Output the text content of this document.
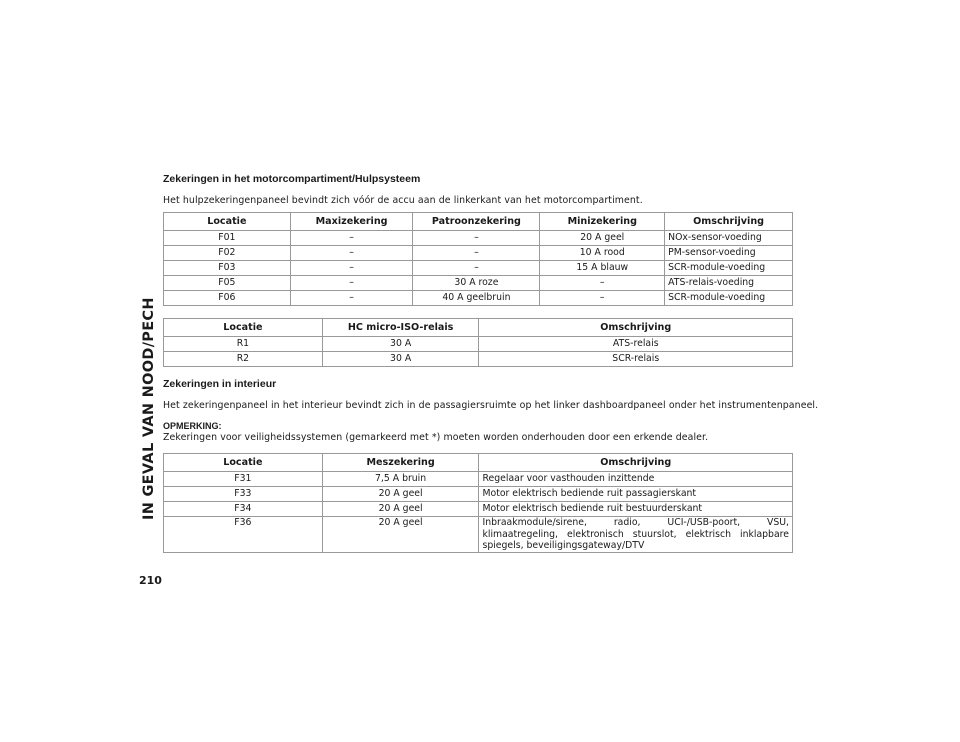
IN GEVAL VAN NOOD/PECH
210
Zekeringen in het motorcompartiment/Hulpsysteem
Het hulpzekeringenpaneel bevindt zich vóór de accu aan de linkerkant van het motorcompartiment.
Locatie	Maxizekering	Patroonzekering	Minizekering	Omschrijving
F01	–	–	20 A geel	NOx-sensor-voeding
F02	–	–	10 A rood	PM-sensor-voeding
F03	–	–	15 A blauw	SCR-module-voeding
F05	–	30 A roze	–	ATS-relais-voeding
F06	–	40 A geelbruin	–	SCR-module-voeding
Locatie	HC micro-ISO-relais	Omschrijving
R1	30 A	ATS-relais
R2	30 A	SCR-relais
Zekeringen in interieur
Het zekeringenpaneel in het interieur bevindt zich in de passagiersruimte op het linker dashboardpaneel onder het instrumentenpaneel.
OPMERKING:
Zekeringen voor veiligheidssystemen (gemarkeerd met *) moeten worden onderhouden door een erkende dealer.
Locatie	Meszekering	Omschrijving
F31	7,5 A bruin	Regelaar voor vasthouden inzittende
F33	20 A geel	Motor elektrisch bediende ruit passagierskant
F34	20 A geel	Motor elektrisch bediende ruit bestuurderskant
F36	20 A geel	Inbraakmodule/sirene, radio, UCI-/USB-poort, VSU, klimaatregeling, elektronisch stuurslot, elektrisch inklapbare spiegels, beveiligingsgateway/DTV
